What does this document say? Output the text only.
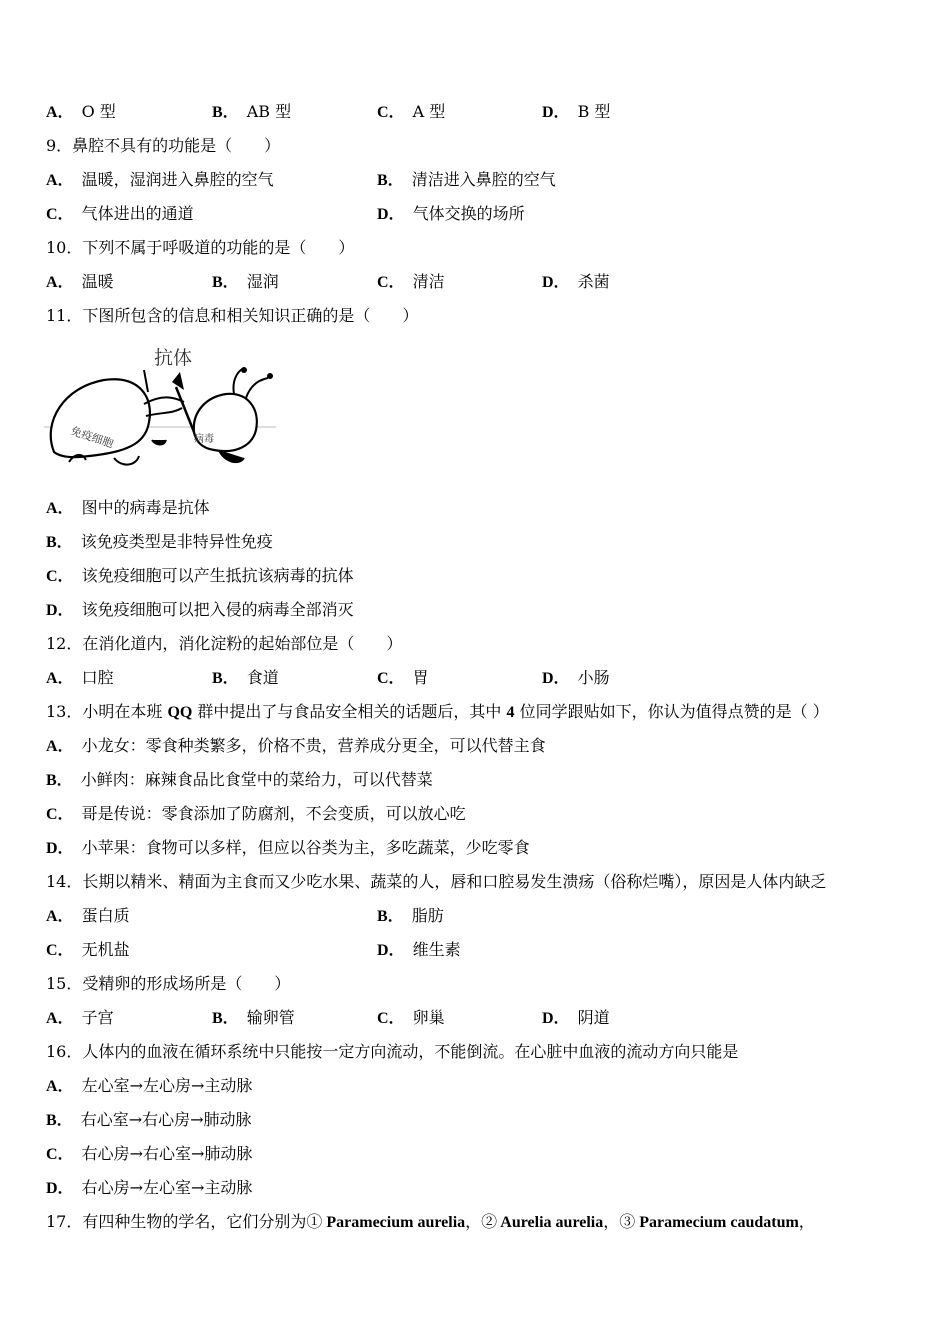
A． O 型	B． AB 型	C． A 型	D． B 型
9．鼻腔不具有的功能是（　　）
A． 温暖，湿润进入鼻腔的空气	B． 清洁进入鼻腔的空气
C． 气体进出的通道	D． 气体交换的场所
10．下列不属于呼吸道的功能的是（　　）
A． 温暖	B． 湿润	C． 清洁	D． 杀菌
11．下图所包含的信息和相关知识正确的是（　　）
抗体
免疫细胞	病毒
A． 图中的病毒是抗体
B． 该免疫类型是非特异性免疫
C． 该免疫细胞可以产生抵抗该病毒的抗体
D． 该免疫细胞可以把入侵的病毒全部消灭
12．在消化道内，消化淀粉的起始部位是（　　）
A． 口腔	B． 食道	C． 胃	D． 小肠
13．小明在本班 QQ 群中提出了与食品安全相关的话题后，其中 4 位同学跟贴如下，你认为值得点赞的是（ ）
A． 小龙女：零食种类繁多，价格不贵，营养成分更全，可以代替主食
B． 小鲜肉：麻辣食品比食堂中的菜给力，可以代替菜
C． 哥是传说：零食添加了防腐剂，不会变质，可以放心吃
D． 小苹果：食物可以多样，但应以谷类为主，多吃蔬菜，少吃零食
14．长期以精米、精面为主食而又少吃水果、蔬菜的人，唇和口腔易发生溃疡（俗称烂嘴），原因是人体内缺乏
A． 蛋白质	B． 脂肪
C． 无机盐	D． 维生素
15．受精卵的形成场所是（　　）
A． 子宫	B． 输卵管	C． 卵巢	D． 阴道
16．人体内的血液在循环系统中只能按一定方向流动，不能倒流。在心脏中血液的流动方向只能是
A． 左心室→左心房→主动脉
B． 右心室→右心房→肺动脉
C． 右心房→右心室→肺动脉
D． 右心房→左心室→主动脉
17．有四种生物的学名，它们分别为① Paramecium aurelia，② Aurelia aurelia，③ Paramecium caudatum，
